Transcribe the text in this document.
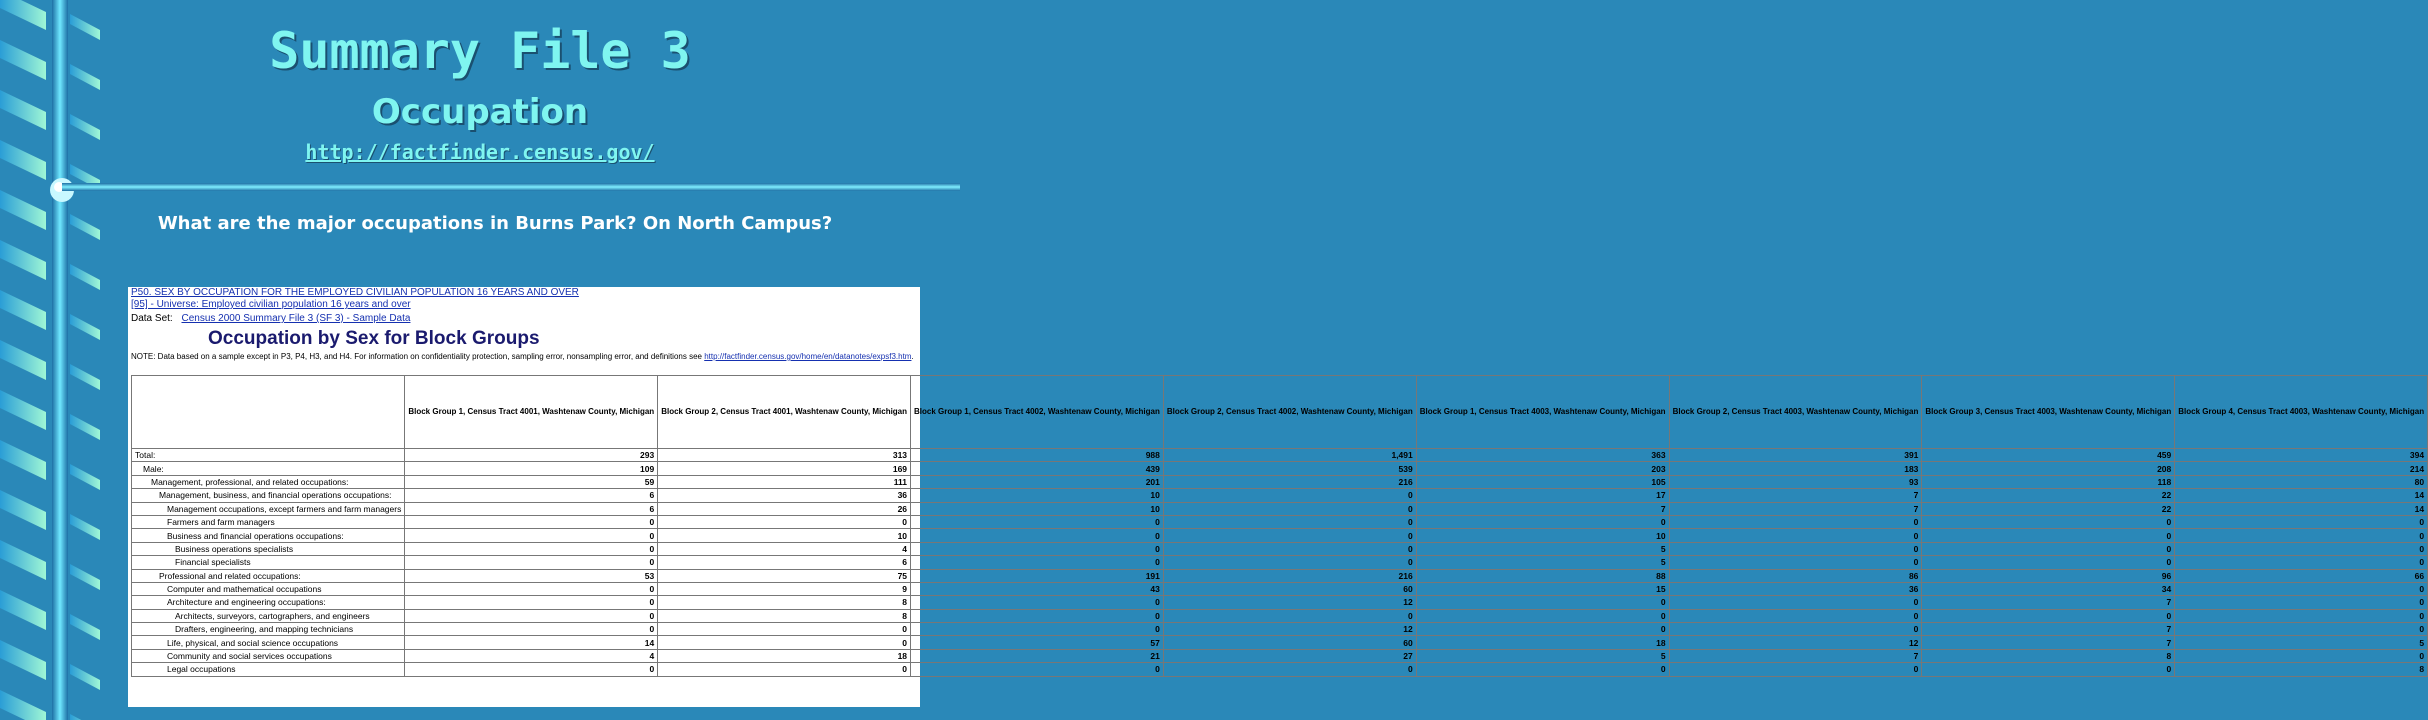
Summary File 3
Occupation
http://factfinder.census.gov/
What are the major occupations in Burns Park? On North Campus?
P50. SEX BY OCCUPATION FOR THE EMPLOYED CIVILIAN POPULATION 16 YEARS AND OVER
[95] - Universe: Employed civilian population 16 years and over
Data Set: Census 2000 Summary File 3 (SF 3) - Sample Data
Occupation by Sex for Block Groups
NOTE: Data based on a sample except in P3, P4, H3, and H4. For information on confidentiality protection, sampling error, nonsampling error, and definitions see http://factfinder.census.gov/home/en/datanotes/expsf3.htm.
	Block Group 1, Census Tract 4001, Washtenaw County, Michigan	Block Group 2, Census Tract 4001, Washtenaw County, Michigan	Block Group 1, Census Tract 4002, Washtenaw County, Michigan	Block Group 2, Census Tract 4002, Washtenaw County, Michigan	Block Group 1, Census Tract 4003, Washtenaw County, Michigan	Block Group 2, Census Tract 4003, Washtenaw County, Michigan	Block Group 3, Census Tract 4003, Washtenaw County, Michigan	Block Group 4, Census Tract 4003, Washtenaw County, Michigan
Total:	293	313	988	1,491	363	391	459	394
Male:	109	169	439	539	203	183	208	214
Management, professional, and related occupations:	59	111	201	216	105	93	118	80
Management, business, and financial operations occupations:	6	36	10	0	17	7	22	14
Management occupations, except farmers and farm managers	6	26	10	0	7	7	22	14
Farmers and farm managers	0	0	0	0	0	0	0	0
Business and financial operations occupations:	0	10	0	0	10	0	0	0
Business operations specialists	0	4	0	0	5	0	0	0
Financial specialists	0	6	0	0	5	0	0	0
Professional and related occupations:	53	75	191	216	88	86	96	66
Computer and mathematical occupations	0	9	43	60	15	36	34	0
Architecture and engineering occupations:	0	8	0	12	0	0	7	0
Architects, surveyors, cartographers, and engineers	0	8	0	0	0	0	0	0
Drafters, engineering, and mapping technicians	0	0	0	12	0	0	7	0
Life, physical, and social science occupations	14	0	57	60	18	12	7	5
Community and social services occupations	4	18	21	27	5	7	8	0
Legal occupations	0	0	0	0	0	0	0	8
